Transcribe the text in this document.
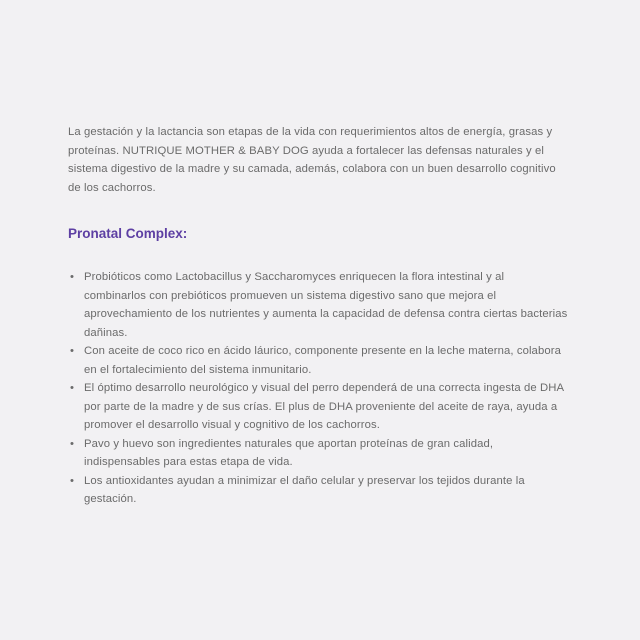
La gestación y la lactancia son etapas de la vida con requerimientos altos de energía, grasas y proteínas. NUTRIQUE MOTHER & BABY DOG ayuda a fortalecer las defensas naturales y el sistema digestivo de la madre y su camada, además, colabora con un buen desarrollo cognitivo de los cachorros.

Pronatal Complex:
• Probióticos como Lactobacillus y Saccharomyces enriquecen la flora intestinal y al combinarlos con prebióticos promueven un sistema digestivo sano que mejora el aprovechamiento de los nutrientes y aumenta la capacidad de defensa contra ciertas bacterias dañinas.
• Con aceite de coco rico en ácido láurico, componente presente en la leche materna, colabora en el fortalecimiento del sistema inmunitario.
• El óptimo desarrollo neurológico y visual del perro dependerá de una correcta ingesta de DHA por parte de la madre y de sus crías. El plus de DHA proveniente del aceite de raya, ayuda a promover el desarrollo visual y cognitivo de los cachorros.
• Pavo y huevo son ingredientes naturales que aportan proteínas de gran calidad, indispensables para estas etapa de vida.
• Los antioxidantes ayudan a minimizar el daño celular y preservar los tejidos durante la gestación.
